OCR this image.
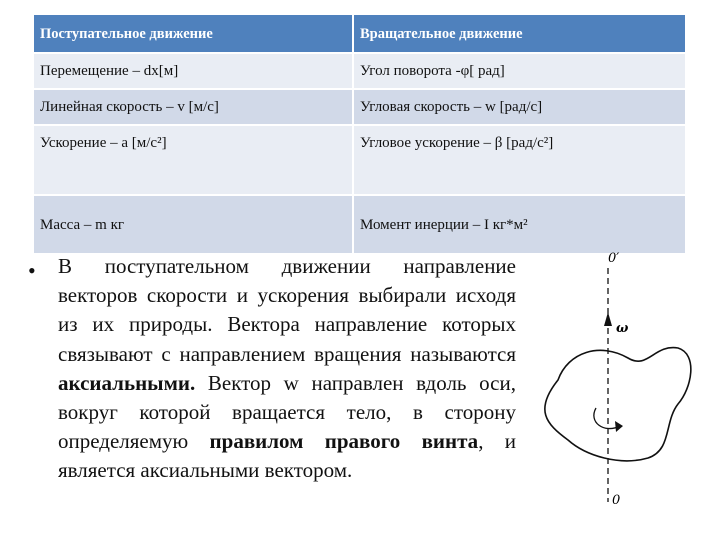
Поступательное движение	Вращательное движение
Перемещение – dx[м]	Угол поворота -φ[ рад]
Линейная скорость – v [м/с]	Угловая скорость – w [рад/с]
Ускорение – a [м/с²]	Угловое ускорение – β [рад/с²]
Масса – m кг	Момент инерции – I кг*м²
• В поступательном движении направление векторов скорости и ускорения выбирали исходя из их природы. Вектора направление которых связывают с направлением вращения называются аксиальными. Вектор w направлен вдоль оси, вокруг которой вращается тело, в сторону определяемую правилом правого винта, и является аксиальными вектором.
0′
ω
0
